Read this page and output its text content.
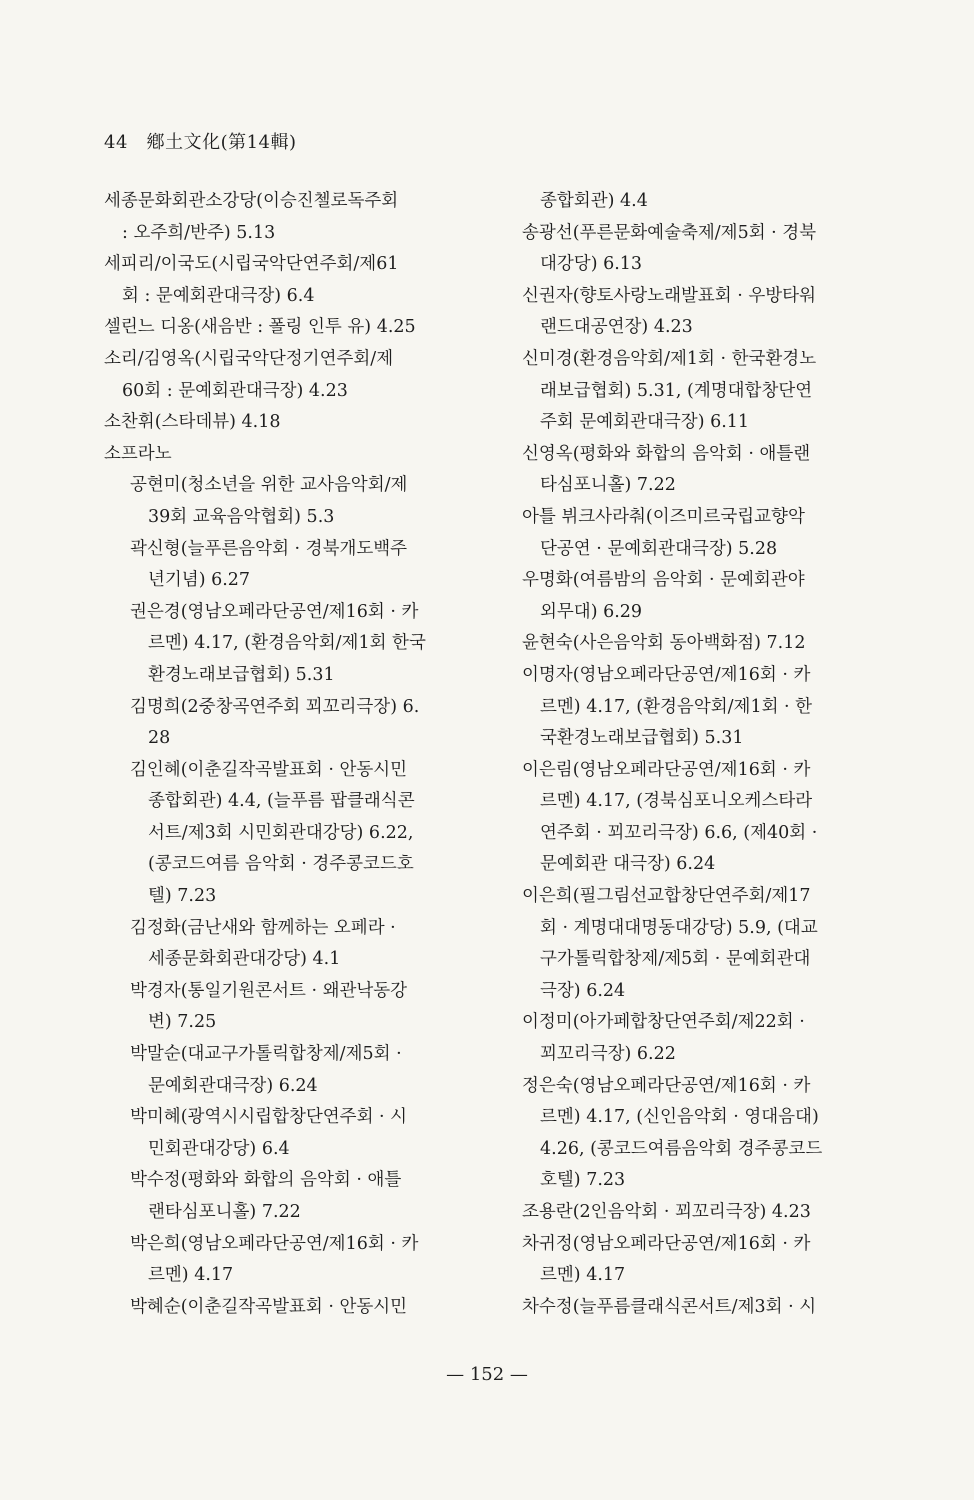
44 鄕土文化(第14輯)
세종문화회관소강당(이승진첼로독주회
: 오주희/반주) 5.13
세피리/이국도(시립국악단연주회/제61
회 : 문예회관대극장) 6.4
셀린느 디옹(새음반 : 폴링 인투 유) 4.25
소리/김영옥(시립국악단정기연주회/제
60회 : 문예회관대극장) 4.23
소찬휘(스타데뷰) 4.18
소프라노
공현미(청소년을 위한 교사음악회/제
39회 교육음악협회) 5.3
곽신형(늘푸른음악회 · 경북개도백주
년기념) 6.27
권은경(영남오페라단공연/제16회 · 카
르멘) 4.17, (환경음악회/제1회 한국
환경노래보급협회) 5.31
김명희(2중창곡연주회 꾀꼬리극장) 6.
28
김인혜(이춘길작곡발표회 · 안동시민
종합회관) 4.4, (늘푸름 팝클래식콘
서트/제3회 시민회관대강당) 6.22,
(콩코드여름 음악회 · 경주콩코드호
텔) 7.23
김정화(금난새와 함께하는 오페라 ·
세종문화회관대강당) 4.1
박경자(통일기원콘서트 · 왜관낙동강
변) 7.25
박말순(대교구가톨릭합창제/제5회 ·
문예회관대극장) 6.24
박미혜(광역시시립합창단연주회 · 시
민회관대강당) 6.4
박수정(평화와 화합의 음악회 · 애틀
랜타심포니홀) 7.22
박은희(영남오페라단공연/제16회 · 카
르멘) 4.17
박혜순(이춘길작곡발표회 · 안동시민
종합회관) 4.4
송광선(푸른문화예술축제/제5회 · 경북
대강당) 6.13
신권자(향토사랑노래발표회 · 우방타워
랜드대공연장) 4.23
신미경(환경음악회/제1회 · 한국환경노
래보급협회) 5.31, (계명대합창단연
주회 문예회관대극장) 6.11
신영옥(평화와 화합의 음악회 · 애틀랜
타심포니홀) 7.22
아틀 뷔크사라춰(이즈미르국립교향악
단공연 · 문예회관대극장) 5.28
우명화(여름밤의 음악회 · 문예회관야
외무대) 6.29
윤현숙(사은음악회 동아백화점) 7.12
이명자(영남오페라단공연/제16회 · 카
르멘) 4.17, (환경음악회/제1회 · 한
국환경노래보급협회) 5.31
이은림(영남오페라단공연/제16회 · 카
르멘) 4.17, (경북심포니오케스타라
연주회 · 꾀꼬리극장) 6.6, (제40회 ·
문예회관 대극장) 6.24
이은희(필그림선교합창단연주회/제17
회 · 계명대대명동대강당) 5.9, (대교
구가톨릭합창제/제5회 · 문예회관대
극장) 6.24
이정미(아가페합창단연주회/제22회 ·
꾀꼬리극장) 6.22
정은숙(영남오페라단공연/제16회 · 카
르멘) 4.17, (신인음악회 · 영대음대)
4.26, (콩코드여름음악회 경주콩코드
호텔) 7.23
조용란(2인음악회 · 꾀꼬리극장) 4.23
차귀정(영남오페라단공연/제16회 · 카
르멘) 4.17
차수정(늘푸름클래식콘서트/제3회 · 시
— 152 —
